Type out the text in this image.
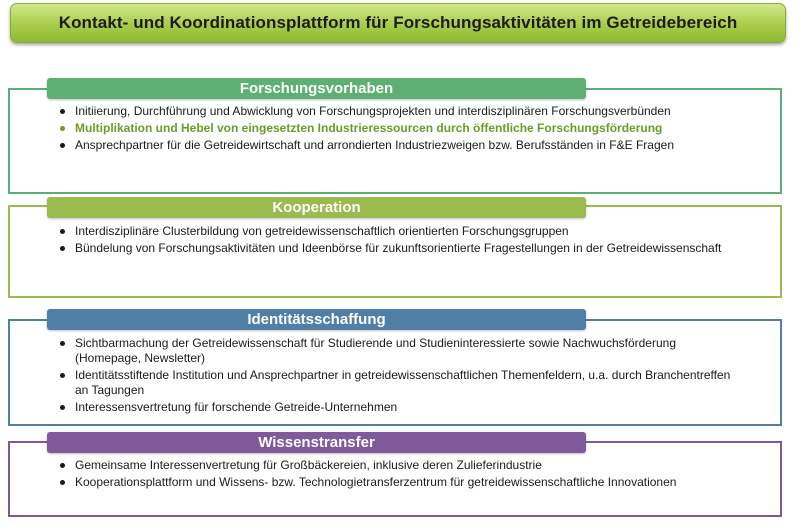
Kontakt- und Koordinationsplattform für Forschungsaktivitäten im Getreidebereich
Forschungsvorhaben
Initiierung, Durchführung und Abwicklung von Forschungsprojekten und interdisziplinären Forschungsverbünden
Multiplikation und Hebel von eingesetzten Industrieressourcen durch öffentliche Forschungsförderung
Ansprechpartner für die Getreidewirtschaft und arrondierten Industriezweigen bzw. Berufsständen in F&E Fragen
Kooperation
Interdisziplinäre Clusterbildung von getreidewissenschaftlich orientierten Forschungsgruppen
Bündelung von Forschungsaktivitäten und Ideenbörse für zukunftsorientierte Fragestellungen in der Getreidewissenschaft
Identitätsschaffung
Sichtbarmachung der Getreidewissenschaft für Studierende und Studieninteressierte sowie Nachwuchsförderung (Homepage, Newsletter)
Identitätsstiftende Institution und Ansprechpartner in getreidewissenschaftlichen Themenfeldern, u.a. durch Branchentreffen an Tagungen
Interessensvertretung für forschende Getreide-Unternehmen
Wissenstransfer
Gemeinsame Interessenvertretung für Großbäckereien, inklusive deren Zulieferindustrie
Kooperationsplattform und Wissens- bzw. Technologietransferzentrum für getreidewissenschaftliche Innovationen
